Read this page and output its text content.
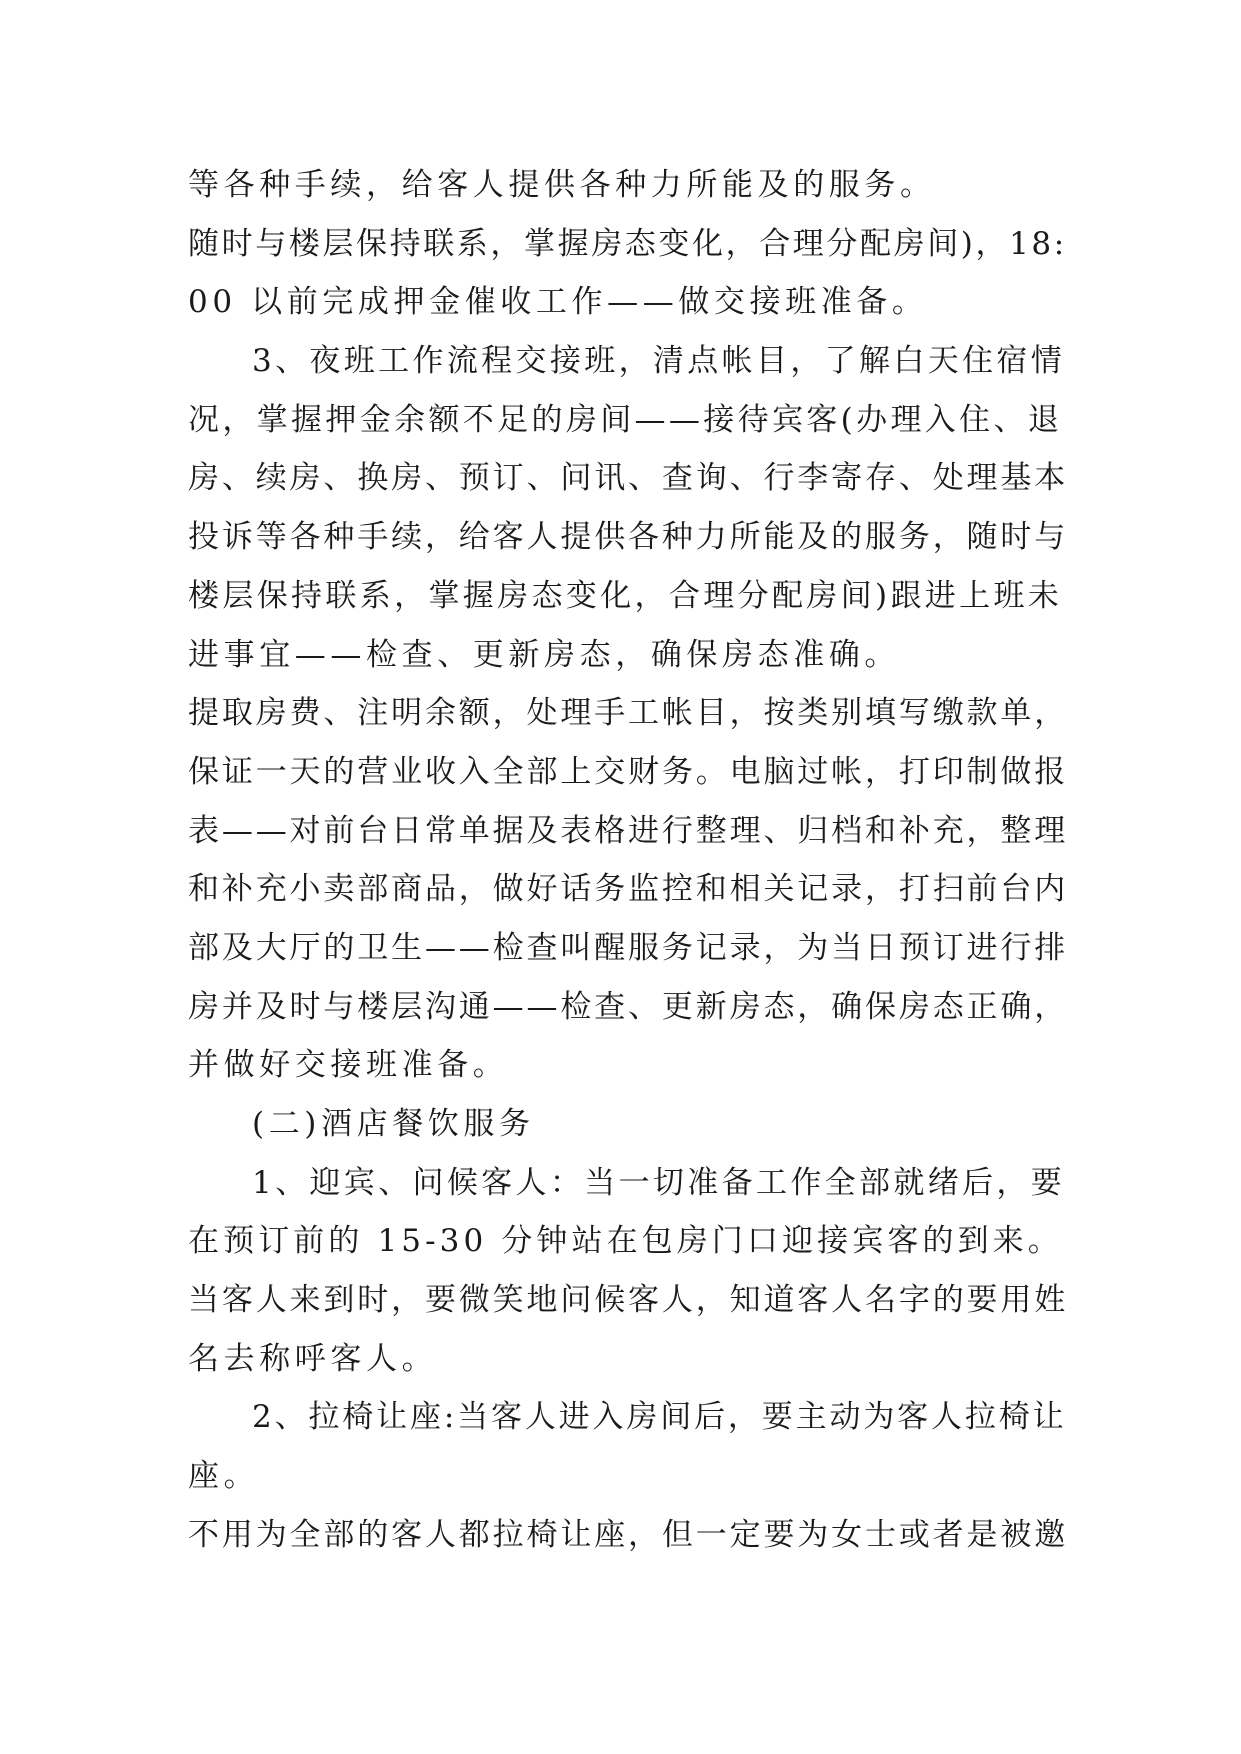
等各种手续，给客人提供各种力所能及的服务。
随时与楼层保持联系，掌握房态变化，合理分配房间)，18:
00 以前完成押金催收工作——做交接班准备。
3、夜班工作流程交接班，清点帐目，了解白天住宿情
况，掌握押金余额不足的房间——接待宾客(办理入住、退
房、续房、换房、预订、问讯、查询、行李寄存、处理基本
投诉等各种手续，给客人提供各种力所能及的服务，随时与
楼层保持联系，掌握房态变化，合理分配房间)跟进上班未
进事宜——检查、更新房态，确保房态准确。
提取房费、注明余额，处理手工帐目，按类别填写缴款单，
保证一天的营业收入全部上交财务。电脑过帐，打印制做报
表——对前台日常单据及表格进行整理、归档和补充，整理
和补充小卖部商品，做好话务监控和相关记录，打扫前台内
部及大厅的卫生——检查叫醒服务记录，为当日预订进行排
房并及时与楼层沟通——检查、更新房态，确保房态正确，
并做好交接班准备。
(二)酒店餐饮服务
1、迎宾、问候客人：当一切准备工作全部就绪后，要
在预订前的 15-30 分钟站在包房门口迎接宾客的到来。
当客人来到时，要微笑地问候客人，知道客人名字的要用姓
名去称呼客人。
2、拉椅让座:当客人进入房间后，要主动为客人拉椅让
座。
不用为全部的客人都拉椅让座，但一定要为女士或者是被邀
